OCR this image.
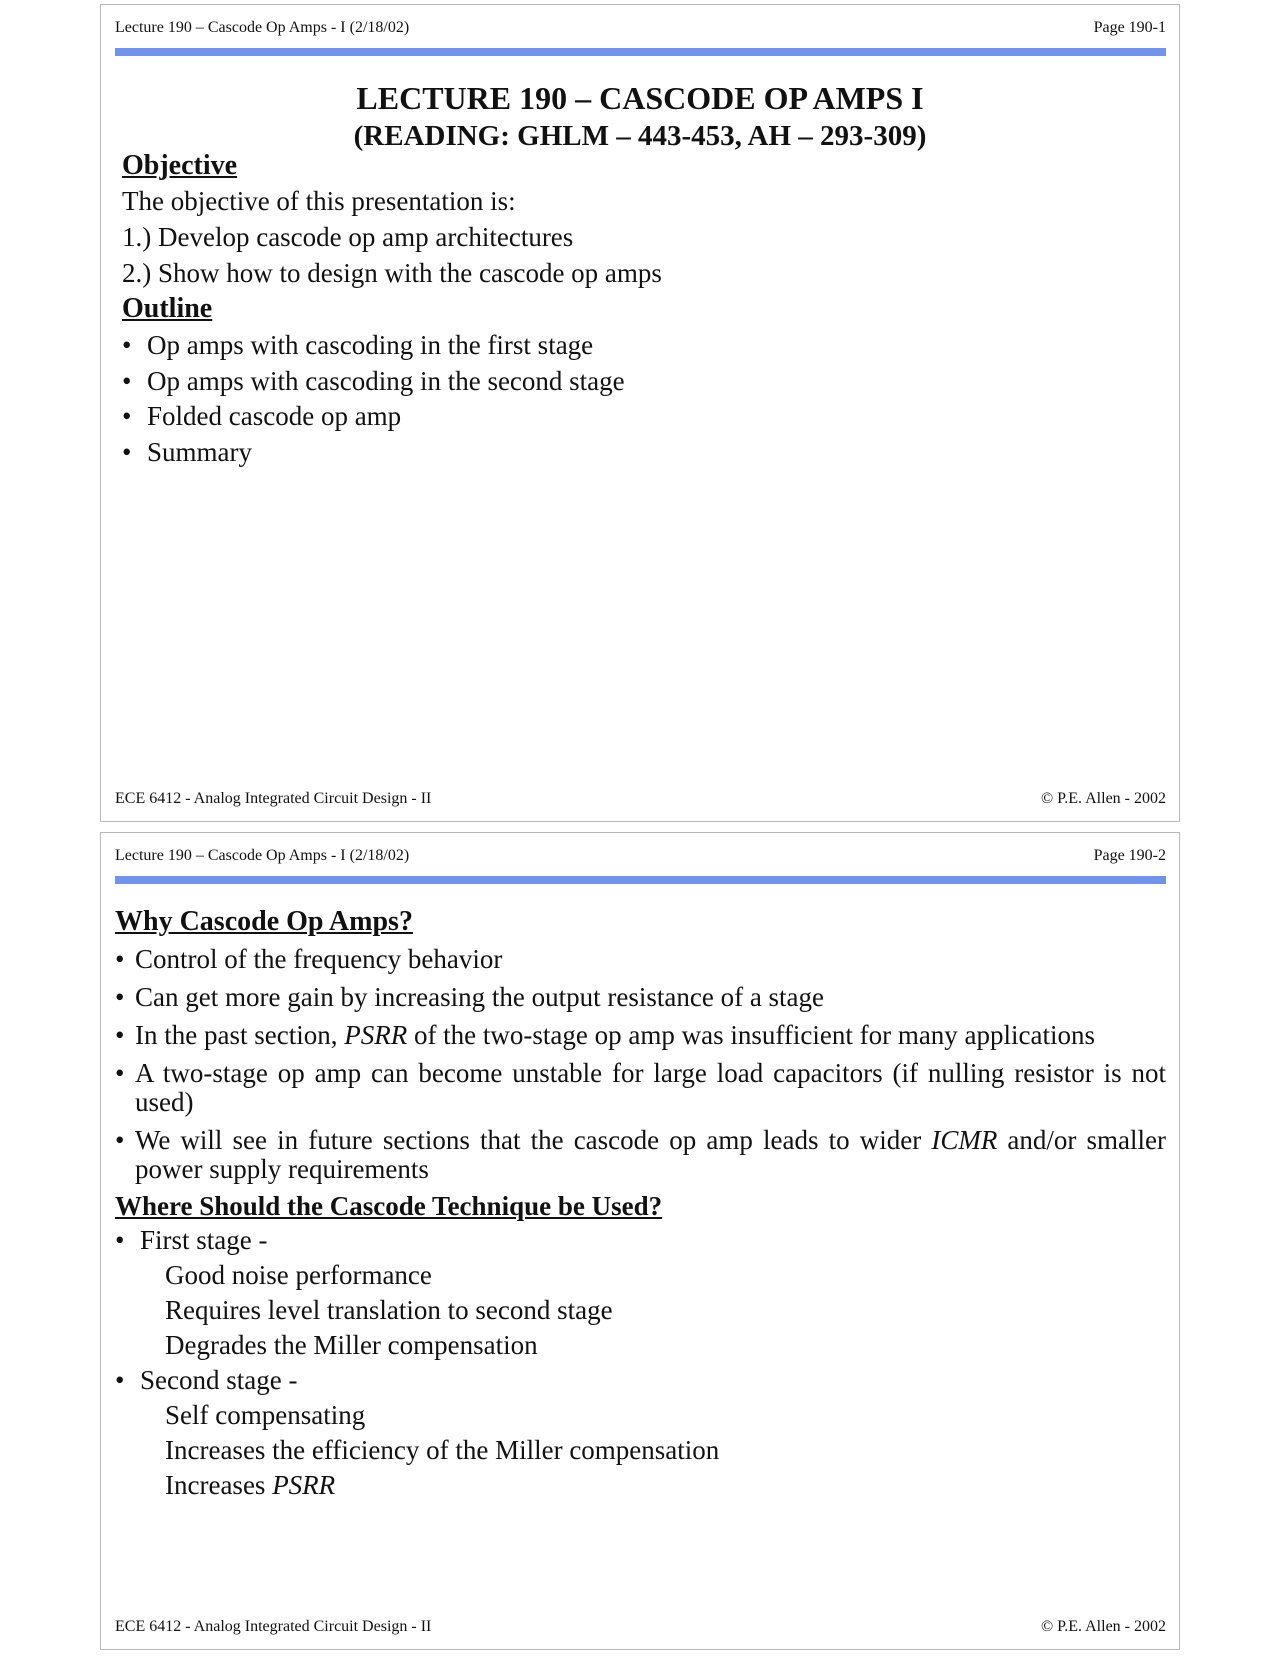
Lecture 190 – Cascode Op Amps - I (2/18/02)	Page 190-1
LECTURE 190 – CASCODE OP AMPS I
(READING: GHLM – 443-453, AH – 293-309)
Objective
The objective of this presentation is:
1.) Develop cascode op amp architectures
2.) Show how to design with the cascode op amps
Outline
• Op amps with cascoding in the first stage
• Op amps with cascoding in the second stage
• Folded cascode op amp
• Summary
ECE 6412 - Analog Integrated Circuit Design - II	© P.E. Allen - 2002
Lecture 190 – Cascode Op Amps - I (2/18/02)	Page 190-2
Why Cascode Op Amps?
• Control of the frequency behavior
• Can get more gain by increasing the output resistance of a stage
• In the past section, PSRR of the two-stage op amp was insufficient for many applications
• A two-stage op amp can become unstable for large load capacitors (if nulling resistor is not used)
• We will see in future sections that the cascode op amp leads to wider ICMR and/or smaller power supply requirements
Where Should the Cascode Technique be Used?
• First stage -
Good noise performance
Requires level translation to second stage
Degrades the Miller compensation
• Second stage -
Self compensating
Increases the efficiency of the Miller compensation
Increases PSRR
ECE 6412 - Analog Integrated Circuit Design - II	© P.E. Allen - 2002
